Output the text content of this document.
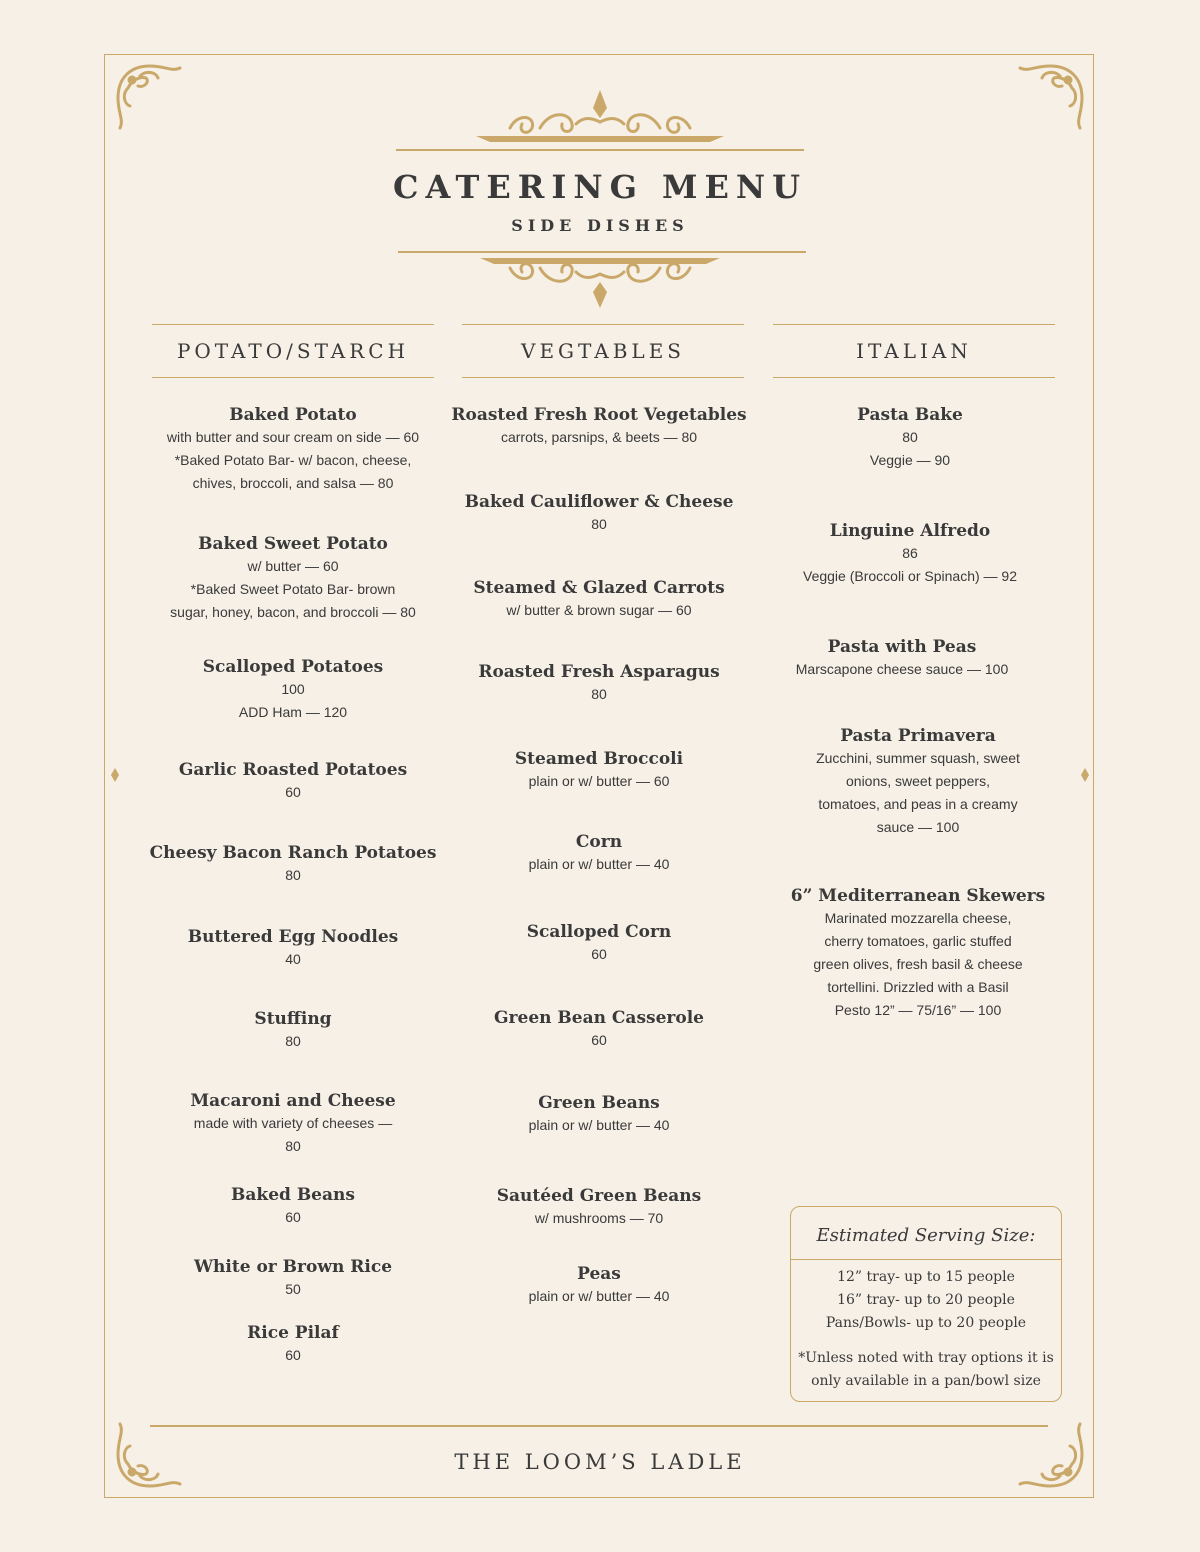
CATERING MENU
SIDE DISHES
POTATO/STARCH
Baked Potato
with butter and sour cream on side — 60
*Baked Potato Bar- w/ bacon, cheese,
chives, broccoli, and salsa — 80
Baked Sweet Potato
w/ butter — 60
*Baked Sweet Potato Bar- brown
sugar, honey, bacon, and broccoli — 80
Scalloped Potatoes
100
ADD Ham — 120
Garlic Roasted Potatoes
60
Cheesy Bacon Ranch Potatoes
80
Buttered Egg Noodles
40
Stuffing
80
Macaroni and Cheese
made with variety of cheeses —
80
Baked Beans
60
White or Brown Rice
50
Rice Pilaf
60
VEGTABLES
Roasted Fresh Root Vegetables
carrots, parsnips, & beets — 80
Baked Cauliflower & Cheese
80
Steamed & Glazed Carrots
w/ butter & brown sugar — 60
Roasted Fresh Asparagus
80
Steamed Broccoli
plain or w/ butter — 60
Corn
plain or w/ butter — 40
Scalloped Corn
60
Green Bean Casserole
60
Green Beans
plain or w/ butter — 40
Sautéed Green Beans
w/ mushrooms — 70
Peas
plain or w/ butter — 40
ITALIAN
Pasta Bake
80
Veggie — 90
Linguine Alfredo
86
Veggie (Broccoli or Spinach) — 92
Pasta with Peas
Marscapone cheese sauce — 100
Pasta Primavera
Zucchini, summer squash, sweet
onions, sweet peppers,
tomatoes, and peas in a creamy
sauce — 100
6” Mediterranean Skewers
Marinated mozzarella cheese,
cherry tomatoes, garlic stuffed
green olives, fresh basil & cheese
tortellini. Drizzled with a Basil
Pesto 12” — 75/16” — 100
Estimated Serving Size:
12” tray- up to 15 people
16” tray- up to 20 people
Pans/Bowls- up to 20 people
*Unless noted with tray options it is
only available in a pan/bowl size
THE LOOM’S LADLE
